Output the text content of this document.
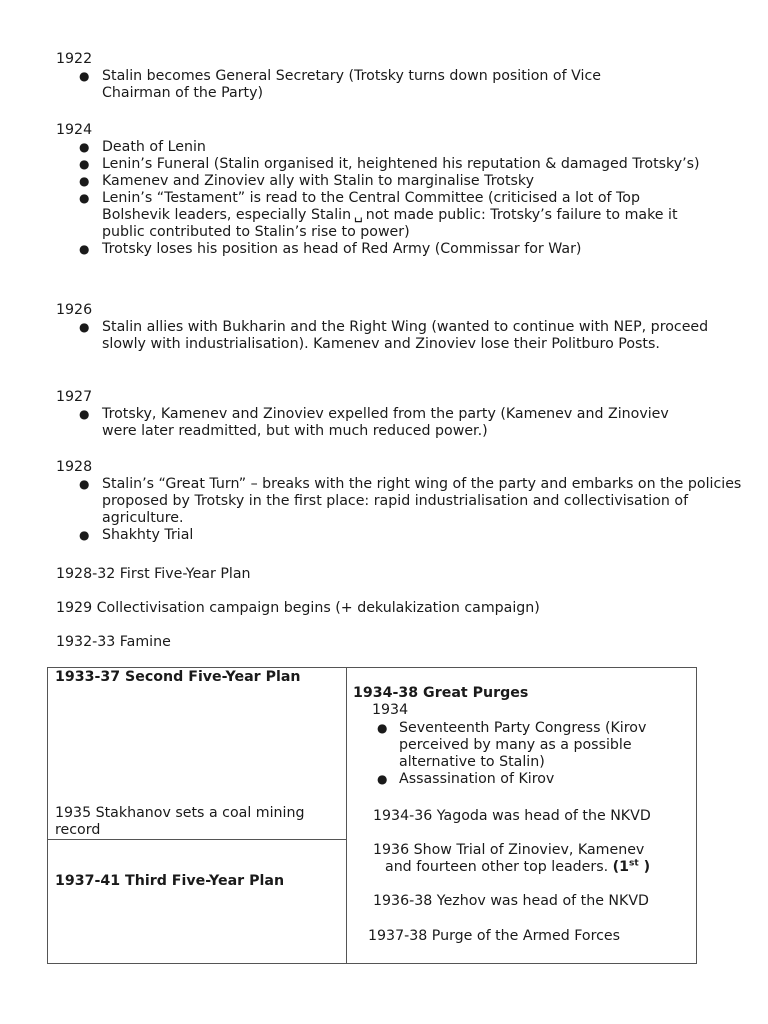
1922
● Stalin becomes General Secretary (Trotsky turns down position of Vice Chairman of the Party)
1924
● Death of Lenin
● Lenin’s Funeral (Stalin organised it, heightened his reputation & damaged Trotsky’s)
● Kamenev and Zinoviev ally with Stalin to marginalise Trotsky
● Lenin’s “Testament” is read to the Central Committee (criticised a lot of Top Bolshevik leaders, especially Stalin ␣ not made public: Trotsky’s failure to make it public contributed to Stalin’s rise to power)
● Trotsky loses his position as head of Red Army (Commissar for War)
1926
● Stalin allies with Bukharin and the Right Wing (wanted to continue with NEP, proceed slowly with industrialisation). Kamenev and Zinoviev lose their Politburo Posts.
1927
● Trotsky, Kamenev and Zinoviev expelled from the party (Kamenev and Zinoviev were later readmitted, but with much reduced power.)
1928
● Stalin’s “Great Turn” – breaks with the right wing of the party and embarks on the policies proposed by Trotsky in the first place: rapid industrialisation and collectivisation of agriculture.
● Shakhty Trial
1928-32 First Five-Year Plan
1929 Collectivisation campaign begins (+ dekulakization campaign)
1932-33 Famine
1933-37 Second Five-Year Plan
1935 Stakhanov sets a coal mining record

1934-38 Great Purges
1934
● Seventeenth Party Congress (Kirov perceived by many as a possible alternative to Stalin)
● Assassination of Kirov
1934-36 Yagoda was head of the NKVD
1936 Show Trial of Zinoviev, Kamenev
and fourteen other top leaders. (1st )
1936-38 Yezhov was head of the NKVD
1937-38 Purge of the Armed Forces

1937-41 Third Five-Year Plan
